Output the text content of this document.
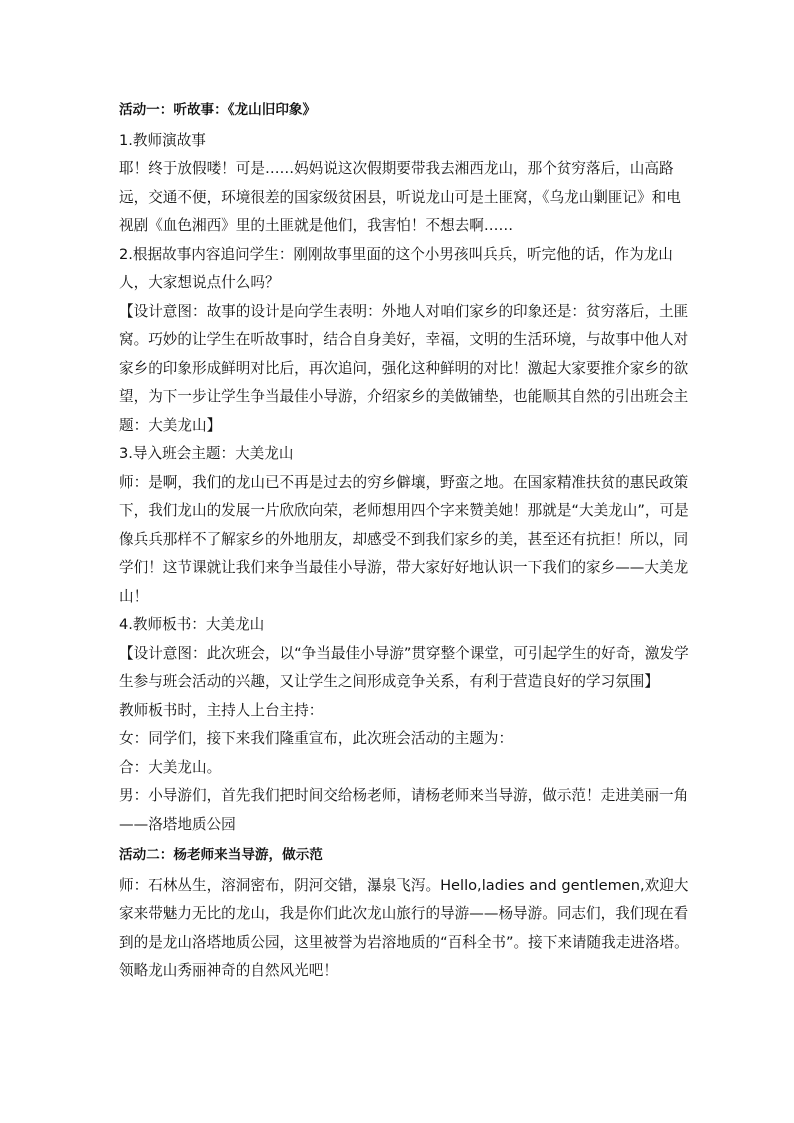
活动一：听故事：《龙山旧印象》

1.教师演故事

耶！终于放假喽！可是……妈妈说这次假期要带我去湘西龙山，那个贫穷落后，山高路远，交通不便，环境很差的国家级贫困县，听说龙山可是土匪窝，《乌龙山剿匪记》和电视剧《血色湘西》里的土匪就是他们，我害怕！不想去啊……

2.根据故事内容追问学生：刚刚故事里面的这个小男孩叫兵兵，听完他的话，作为龙山人，大家想说点什么吗？

【设计意图：故事的设计是向学生表明：外地人对咱们家乡的印象还是：贫穷落后，土匪窝。巧妙的让学生在听故事时，结合自身美好，幸福，文明的生活环境，与故事中他人对家乡的印象形成鲜明对比后，再次追问，强化这种鲜明的对比！激起大家要推介家乡的欲望，为下一步让学生争当最佳小导游，介绍家乡的美做铺垫，也能顺其自然的引出班会主题：大美龙山】

3.导入班会主题：大美龙山

师：是啊，我们的龙山已不再是过去的穷乡僻壤，野蛮之地。在国家精准扶贫的惠民政策下，我们龙山的发展一片欣欣向荣，老师想用四个字来赞美她！那就是“大美龙山”，可是像兵兵那样不了解家乡的外地朋友，却感受不到我们家乡的美，甚至还有抗拒！所以，同学们！这节课就让我们来争当最佳小导游，带大家好好地认识一下我们的家乡——大美龙山！

4.教师板书：大美龙山

【设计意图：此次班会，以“争当最佳小导游”贯穿整个课堂，可引起学生的好奇，激发学生参与班会活动的兴趣，又让学生之间形成竞争关系，有利于营造良好的学习氛围】

教师板书时，主持人上台主持：

女：同学们，接下来我们隆重宣布，此次班会活动的主题为：

合：大美龙山。

男：小导游们，首先我们把时间交给杨老师，请杨老师来当导游，做示范！走进美丽一角——洛塔地质公园

活动二：杨老师来当导游，做示范

师：石林丛生，溶洞密布，阴河交错，瀑泉飞泻。Hello,ladies and gentlemen,欢迎大家来带魅力无比的龙山，我是你们此次龙山旅行的导游——杨导游。同志们，我们现在看到的是龙山洛塔地质公园，这里被誉为岩溶地质的“百科全书”。接下来请随我走进洛塔。领略龙山秀丽神奇的自然风光吧！
